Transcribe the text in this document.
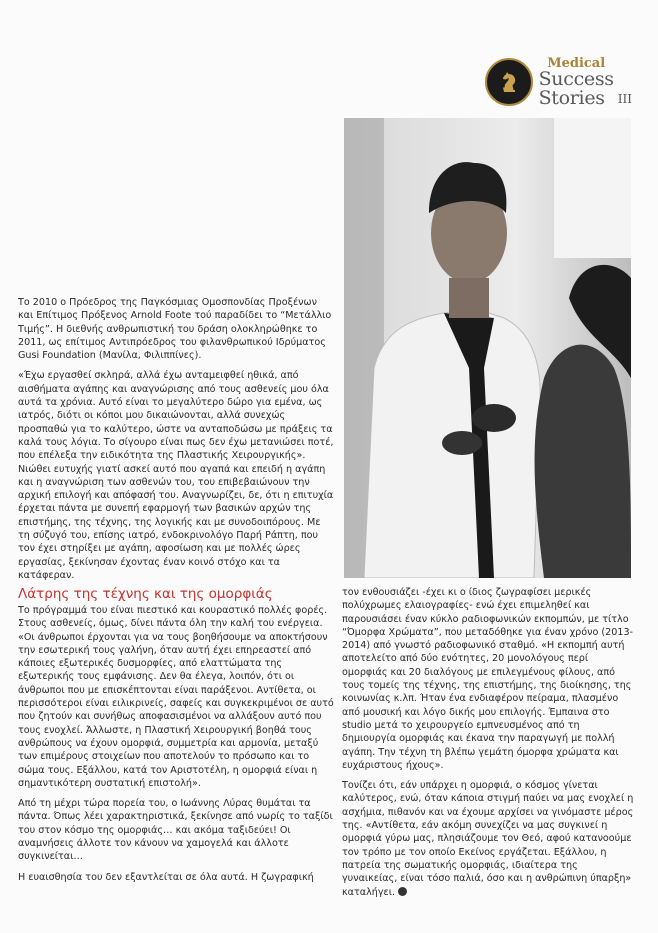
Medical
Success
Stories	III

Το 2010 ο Πρόεδρος της Παγκόσμιας Ομοσπονδίας Προξένων και Επίτιμος Πρόξενος Arnold Foote τού παραδίδει το “Μετάλλιο Τιμής”. Η διεθνής ανθρωπιστική του δράση ολοκληρώθηκε το 2011, ως επίτιμος Αντιπρόεδρος του φιλανθρωπικού Ιδρύματος Gusi Foundation (Μανίλα, Φιλιππίνες).

«Έχω εργασθεί σκληρά, αλλά έχω ανταμειφθεί ηθικά, από αισθήματα αγάπης και αναγνώρισης από τους ασθενείς μου όλα αυτά τα χρόνια. Αυτό είναι το μεγαλύτερο δώρο για εμένα, ως ιατρός, διότι οι κόποι μου δικαιώνονται, αλλά συνεχώς προσπαθώ για το καλύτερο, ώστε να ανταποδώσω με πράξεις τα καλά τους λόγια. Το σίγουρο είναι πως δεν έχω μετανιώσει ποτέ, που επέλεξα την ειδικότητα της Πλαστικής Χειρουργικής». Νιώθει ευτυχής γιατί ασκεί αυτό που αγαπά και επειδή η αγάπη και η αναγνώριση των ασθενών του, του επιβεβαιώνουν την αρχική επιλογή και απόφασή του. Αναγνωρίζει, δε, ότι η επιτυχία έρχεται πάντα με συνεπή εφαρμογή των βασικών αρχών της επιστήμης, της τέχνης, της λογικής και με συνοδοιπόρους. Με τη σύζυγό του, επίσης ιατρό, ενδοκρινολόγο Παρή Ράπτη, που τον έχει στηρίξει με αγάπη, αφοσίωση και με πολλές ώρες εργασίας, ξεκίνησαν έχοντας έναν κοινό στόχο και τα κατάφεραν.

Λάτρης της τέχνης και της ομορφιάς

Το πρόγραμμά του είναι πιεστικό και κουραστικό πολλές φορές. Στους ασθενείς, όμως, δίνει πάντα όλη την καλή του ενέργεια. «Οι άνθρωποι έρχονται για να τους βοηθήσουμε να αποκτήσουν την εσωτερική τους γαλήνη, όταν αυτή έχει επηρεαστεί από κάποιες εξωτερικές δυσμορφίες, από ελαττώματα της εξωτερικής τους εμφάνισης. Δεν θα έλεγα, λοιπόν, ότι οι άνθρωποι που με επισκέπτονται είναι παράξενοι. Αντίθετα, οι περισσότεροι είναι ειλικρινείς, σαφείς και συγκεκριμένοι σε αυτό που ζητούν και συνήθως αποφασισμένοι να αλλάξουν αυτό που τους ενοχλεί. Άλλωστε, η Πλαστική Χειρουργική βοηθά τους ανθρώπους να έχουν ομορφιά, συμμετρία και αρμονία, μεταξύ των επιμέρους στοιχείων που αποτελούν το πρόσωπο και το σώμα τους. Εξάλλου, κατά τον Αριστοτέλη, η ομορφιά είναι η σημαντικότερη συστατική επιστολή».

Από τη μέχρι τώρα πορεία του, ο Ιωάννης Λύρας θυμάται τα πάντα. Όπως λέει χαρακτηριστικά, ξεκίνησε από νωρίς το ταξίδι του στον κόσμο της ομορφιάς… και ακόμα ταξιδεύει! Οι αναμνήσεις άλλοτε τον κάνουν να χαμογελά και άλλοτε συγκινείται…

Η ευαισθησία του δεν εξαντλείται σε όλα αυτά. Η ζωγραφική

τον ενθουσιάζει -έχει κι ο ίδιος ζωγραφίσει μερικές πολύχρωμες ελαιογραφίες- ενώ έχει επιμεληθεί και παρουσιάσει έναν κύκλο ραδιοφωνικών εκπομπών, με τίτλο “Όμορφα Χρώματα”, που μεταδόθηκε για έναν χρόνο (2013-2014) από γνωστό ραδιοφωνικό σταθμό. «Η εκπομπή αυτή αποτελείτο από δύο ενότητες, 20 μονολόγους περί ομορφιάς και 20 διαλόγους με επιλεγμένους φίλους, από τους τομείς της τέχνης, της επιστήμης, της διοίκησης, της κοινωνίας κ.λπ. Ήταν ένα ενδιαφέρον πείραμα, πλασμένο από μουσική και λόγο δικής μου επιλογής. Έμπαινα στο studio μετά το χειρουργείο εμπνευσμένος από τη δημιουργία ομορφιάς και έκανα την παραγωγή με πολλή αγάπη. Την τέχνη τη βλέπω γεμάτη όμορφα χρώματα και ευχάριστους ήχους».

Τονίζει ότι, εάν υπάρχει η ομορφιά, ο κόσμος γίνεται καλύτερος, ενώ, όταν κάποια στιγμή παύει να μας ενοχλεί η ασχήμια, πιθανόν και να έχουμε αρχίσει να γινόμαστε μέρος της. «Αντίθετα, εάν ακόμη συνεχίζει να μας συγκινεί η ομορφιά γύρω μας, πλησιάζουμε τον Θεό, αφού κατανοούμε τον τρόπο με τον οποίο Εκείνος εργάζεται. Εξάλλου, η πατρεία της σωματικής ομορφιάς, ιδιαίτερα της γυναικείας, είναι τόσο παλιά, όσο και η ανθρώπινη ύπαρξη» καταλήγει.
